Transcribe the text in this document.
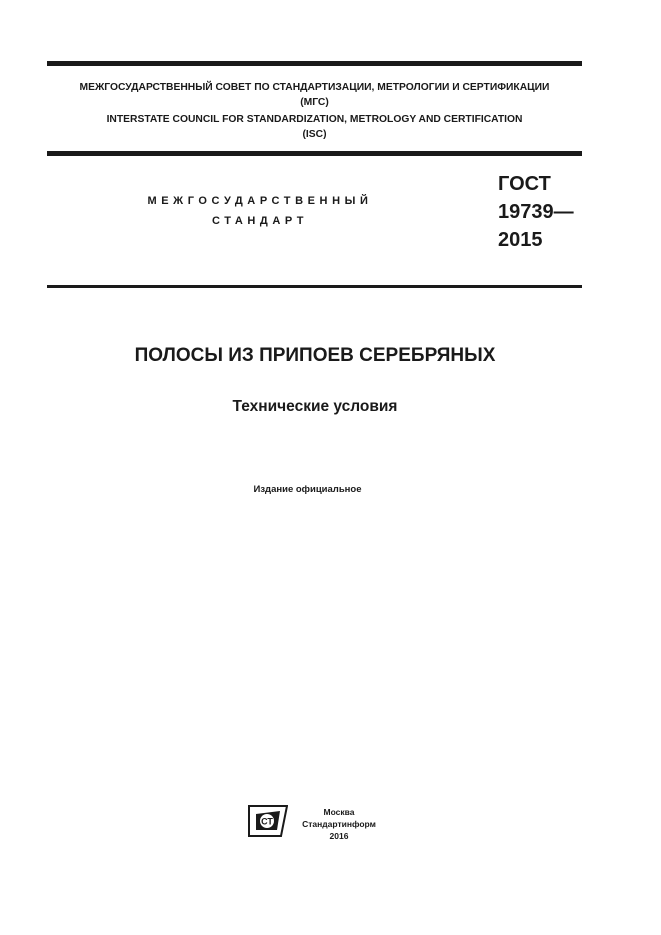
МЕЖГОСУДАРСТВЕННЫЙ СОВЕТ ПО СТАНДАРТИЗАЦИИ, МЕТРОЛОГИИ И СЕРТИФИКАЦИИ
(МГС)
INTERSTATE COUNCIL FOR STANDARDIZATION, METROLOGY AND CERTIFICATION
(ISC)
МЕЖГОСУДАРСТВЕННЫЙ
СТАНДАРТ
ГОСТ
19739—
2015
ПОЛОСЫ ИЗ ПРИПОЕВ СЕРЕБРЯНЫХ
Технические условия
Издание официальное
СТ
Москва
Стандартинформ
2016
